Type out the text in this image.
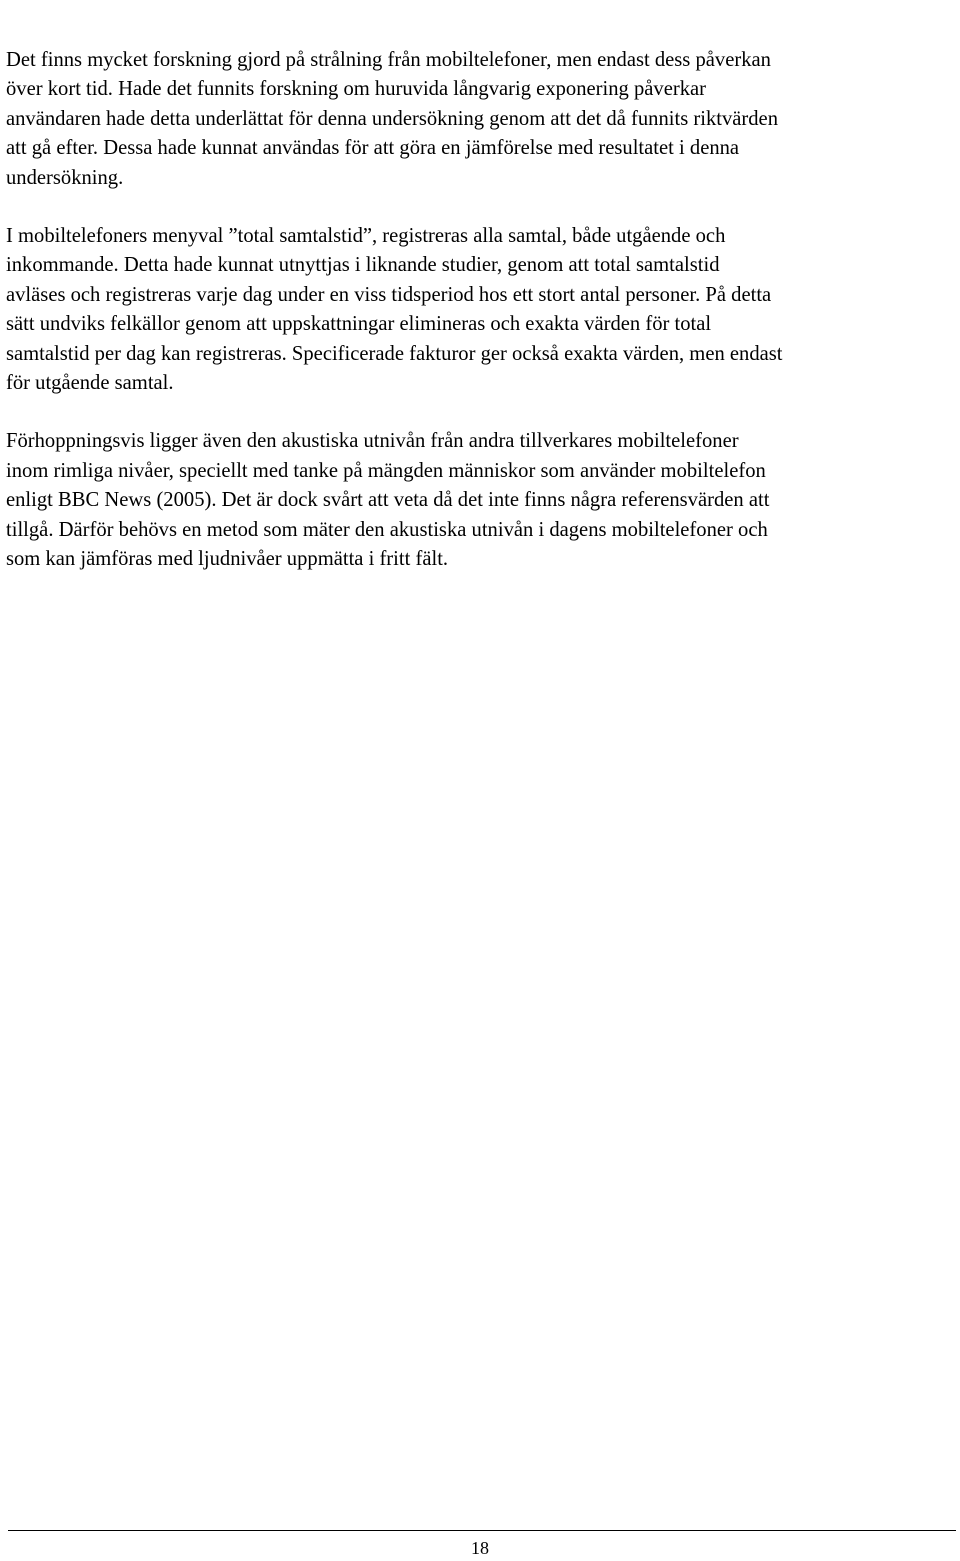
Det finns mycket forskning gjord på strålning från mobiltelefoner, men endast dess påverkan
över kort tid. Hade det funnits forskning om huruvida långvarig exponering påverkar
användaren hade detta underlättat för denna undersökning genom att det då funnits riktvärden
att gå efter. Dessa hade kunnat användas för att göra en jämförelse med resultatet i denna
undersökning.

I mobiltelefoners menyval ”total samtalstid”, registreras alla samtal, både utgående och
inkommande. Detta hade kunnat utnyttjas i liknande studier, genom att total samtalstid
avläses och registreras varje dag under en viss tidsperiod hos ett stort antal personer. På detta
sätt undviks felkällor genom att uppskattningar elimineras och exakta värden för total
samtalstid per dag kan registreras. Specificerade fakturor ger också exakta värden, men endast
för utgående samtal.

Förhoppningsvis ligger även den akustiska utnivån från andra tillverkares mobiltelefoner
inom rimliga nivåer, speciellt med tanke på mängden människor som använder mobiltelefon
enligt BBC News (2005). Det är dock svårt att veta då det inte finns några referensvärden att
tillgå. Därför behövs en metod som mäter den akustiska utnivån i dagens mobiltelefoner och
som kan jämföras med ljudnivåer uppmätta i fritt fält.

18
